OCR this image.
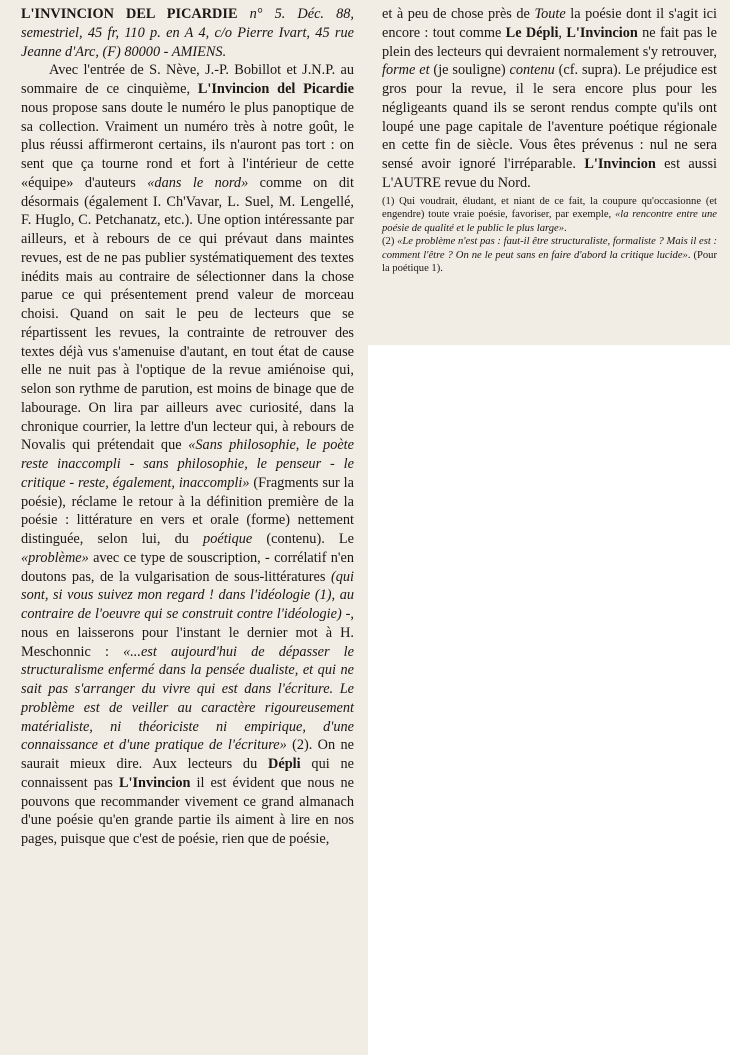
L'INVINCION DEL PICARDIE n° 5. Déc. 88, semestriel, 45 fr, 110 p. en A 4, c/o Pierre Ivart, 45 rue Jeanne d'Arc, (F) 80000 - AMIENS.

Avec l'entrée de S. Nève, J.-P. Bobillot et J.N.P. au sommaire de ce cinquième, L'Invincion del Picardie nous propose sans doute le numéro le plus panoptique de sa collection. Vraiment un numéro très à notre goût, le plus réussi affirmeront certains, ils n'auront pas tort : on sent que ça tourne rond et fort à l'intérieur de cette «équipe» d'auteurs «dans le nord» comme on dit désormais (également I. Ch'Vavar, L. Suel, M. Lengellé, F. Huglo, C. Petchanatz, etc.). Une option intéressante par ailleurs, et à rebours de ce qui prévaut dans maintes revues, est de ne pas publier systématiquement des textes inédits mais au contraire de sélectionner dans la chose parue ce qui présentement prend valeur de morceau choisi. Quand on sait le peu de lecteurs que se répartissent les revues, la contrainte de retrouver des textes déjà vus s'amenuise d'autant, en tout état de cause elle ne nuit pas à l'optique de la revue amiénoise qui, selon son rythme de parution, est moins de binage que de labourage. On lira par ailleurs avec curiosité, dans la chronique courrier, la lettre d'un lecteur qui, à rebours de Novalis qui prétendait que «Sans philosophie, le poète reste inaccompli - sans philosophie, le penseur - le critique - reste, également, inaccompli» (Fragments sur la poésie), réclame le retour à la définition première de la poésie : littérature en vers et orale (forme) nettement distinguée, selon lui, du poétique (contenu). Le «problème» avec ce type de souscription, - corrélatif n'en doutons pas, de la vulgarisation de sous-littératures (qui sont, si vous suivez mon regard ! dans l'idéologie (1), au contraire de l'oeuvre qui se construit contre l'idéologie) -, nous en laisserons pour l'instant le dernier mot à H. Meschonnic : «...est aujourd'hui de dépasser le structuralisme enfermé dans la pensée dualiste, et qui ne sait pas s'arranger du vivre qui est dans l'écriture. Le problème est de veiller au caractère rigoureusement matérialiste, ni théoriciste ni empirique, d'une connaissance et d'une pratique de l'écriture» (2). On ne saurait mieux dire. Aux lecteurs du Dépli qui ne connaissent pas L'Invincion il est évident que nous ne pouvons que recommander vivement ce grand almanach d'une poésie qu'en grande partie ils aiment à lire en nos pages, puisque que c'est de poésie, rien que de poésie,

et à peu de chose près de Toute la poésie dont il s'agit ici encore : tout comme Le Dépli, L'Invincion ne fait pas le plein des lecteurs qui devraient normalement s'y retrouver, forme et (je souligne) contenu (cf. supra). Le préjudice est gros pour la revue, il le sera encore plus pour les négligeants quand ils se seront rendus compte qu'ils ont loupé une page capitale de l'aventure poétique régionale en cette fin de siècle. Vous êtes prévenus : nul ne sera sensé avoir ignoré l'irréparable. L'Invincion est aussi L'AUTRE revue du Nord.

(1) Qui voudrait, éludant, et niant de ce fait, la coupure qu'occasionne (et engendre) toute vraie poésie, favoriser, par exemple, «la rencontre entre une poésie de qualité et le public le plus large».

(2) «Le problème n'est pas : faut-il être structuraliste, formaliste ? Mais il est : comment l'être ? On ne le peut sans en faire d'abord la critique lucide». (Pour la poétique 1).
